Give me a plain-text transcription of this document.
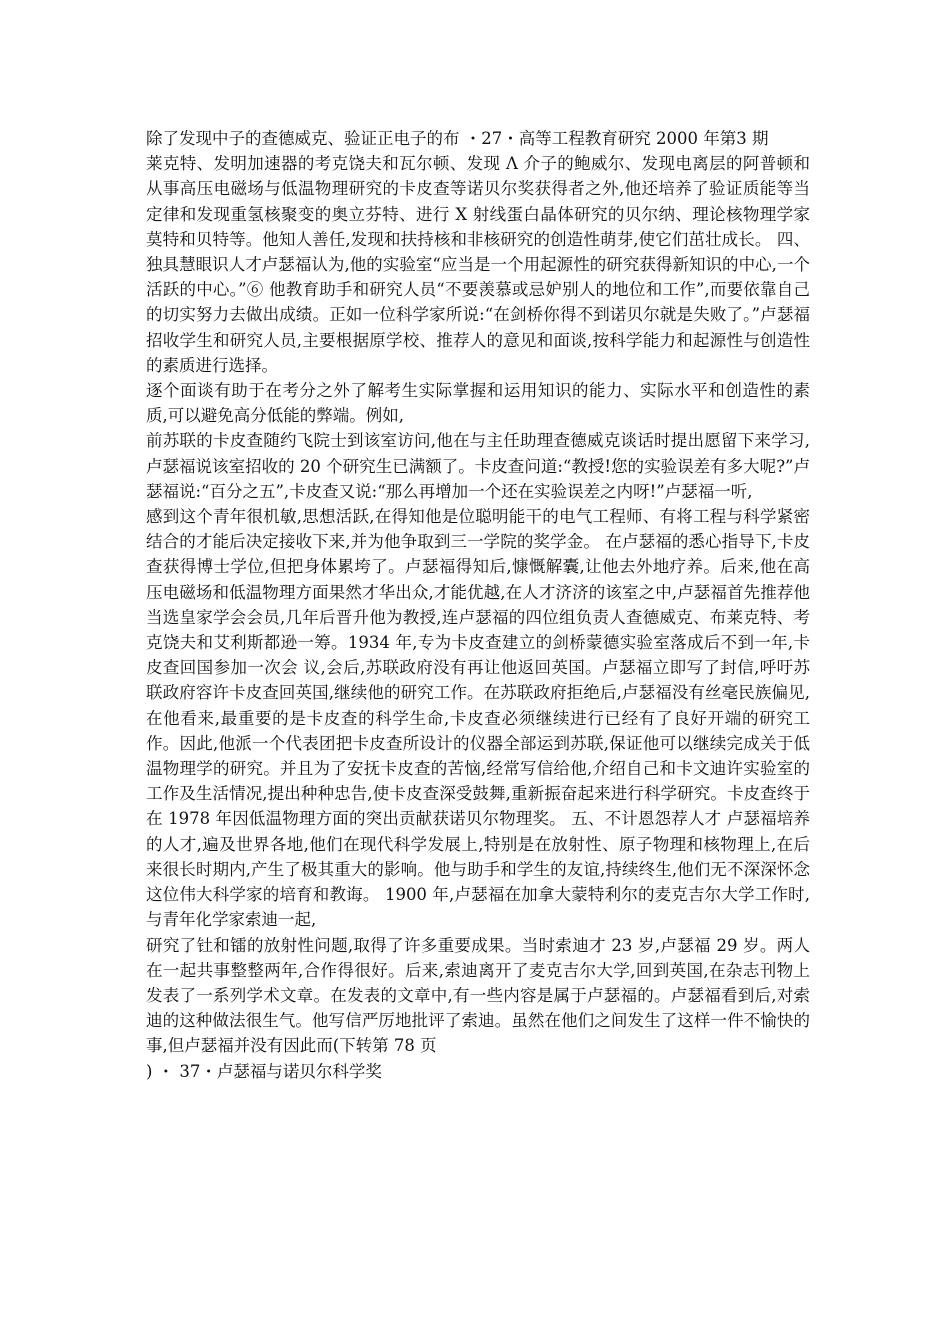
除了发现中子的查德威克、验证正电子的布 ・27・高等工程教育研究 2000 年第3 期

莱克特、发明加速器的考克饶夫和瓦尔顿、发现 Λ 介子的鲍威尔、发现电离层的阿普顿和从事高压电磁场与低温物理研究的卡皮查等诺贝尔奖获得者之外,他还培养了验证质能等当定律和发现重氢核聚变的奥立芬特、进行 X 射线蛋白晶体研究的贝尔纳、理论核物理学家莫特和贝特等。他知人善任,发现和扶持核和非核研究的创造性萌芽,使它们茁壮成长。 四、独具慧眼识人才卢瑟福认为,他的实验室“应当是一个用起源性的研究获得新知识的中心,一个活跃的中心。”⑥ 他教育助手和研究人员“不要羡慕或忌妒别人的地位和工作”,而要依靠自己的切实努力去做出成绩。正如一位科学家所说:“在剑桥你得不到诺贝尔就是失败了。”卢瑟福招收学生和研究人员,主要根据原学校、推荐人的意见和面谈,按科学能力和起源性与创造性的素质进行选择。

逐个面谈有助于在考分之外了解考生实际掌握和运用知识的能力、实际水平和创造性的素质,可以避免高分低能的弊端。例如,

前苏联的卡皮查随约飞院士到该室访问,他在与主任助理查德威克谈话时提出愿留下来学习,卢瑟福说该室招收的 20 个研究生已满额了。卡皮查问道:“教授!您的实验误差有多大呢?”卢瑟福说:“百分之五”,卡皮查又说:“那么再增加一个还在实验误差之内呀!”卢瑟福一听,

感到这个青年很机敏,思想活跃,在得知他是位聪明能干的电气工程师、有将工程与科学紧密结合的才能后决定接收下来,并为他争取到三一学院的奖学金。 在卢瑟福的悉心指导下,卡皮查获得博士学位,但把身体累垮了。卢瑟福得知后,慷慨解囊,让他去外地疗养。后来,他在高压电磁场和低温物理方面果然才华出众,才能优越,在人才济济的该室之中,卢瑟福首先推荐他当选皇家学会会员,几年后晋升他为教授,连卢瑟福的四位组负责人查德威克、布莱克特、考克饶夫和艾利斯都逊一筹。1934 年,专为卡皮查建立的剑桥蒙德实验室落成后不到一年,卡皮查回国参加一次会 议,会后,苏联政府没有再让他返回英国。卢瑟福立即写了封信,呼吁苏联政府容许卡皮查回英国,继续他的研究工作。在苏联政府拒绝后,卢瑟福没有丝毫民族偏见,在他看来,最重要的是卡皮查的科学生命,卡皮查必须继续进行已经有了良好开端的研究工作。因此,他派一个代表团把卡皮查所设计的仪器全部运到苏联,保证他可以继续完成关于低温物理学的研究。并且为了安抚卡皮查的苦恼,经常写信给他,介绍自己和卡文迪许实验室的工作及生活情况,提出种种忠告,使卡皮查深受鼓舞,重新振奋起来进行科学研究。卡皮查终于在 1978 年因低温物理方面的突出贡献获诺贝尔物理奖。 五、不计恩怨荐人才 卢瑟福培养的人才,遍及世界各地,他们在现代科学发展上,特别是在放射性、原子物理和核物理上,在后来很长时期内,产生了极其重大的影响。他与助手和学生的友谊,持续终生,他们无不深深怀念这位伟大科学家的培育和教诲。 1900 年,卢瑟福在加拿大蒙特利尔的麦克吉尔大学工作时,与青年化学家索迪一起,

研究了钍和镭的放射性问题,取得了许多重要成果。当时索迪才 23 岁,卢瑟福 29 岁。两人在一起共事整整两年,合作得很好。后来,索迪离开了麦克吉尔大学,回到英国,在杂志刊物上发表了一系列学术文章。在发表的文章中,有一些内容是属于卢瑟福的。卢瑟福看到后,对索迪的这种做法很生气。他写信严厉地批评了索迪。虽然在他们之间发生了这样一件不愉快的事,但卢瑟福并没有因此而(下转第 78 页

) ・ 37・卢瑟福与诺贝尔科学奖
